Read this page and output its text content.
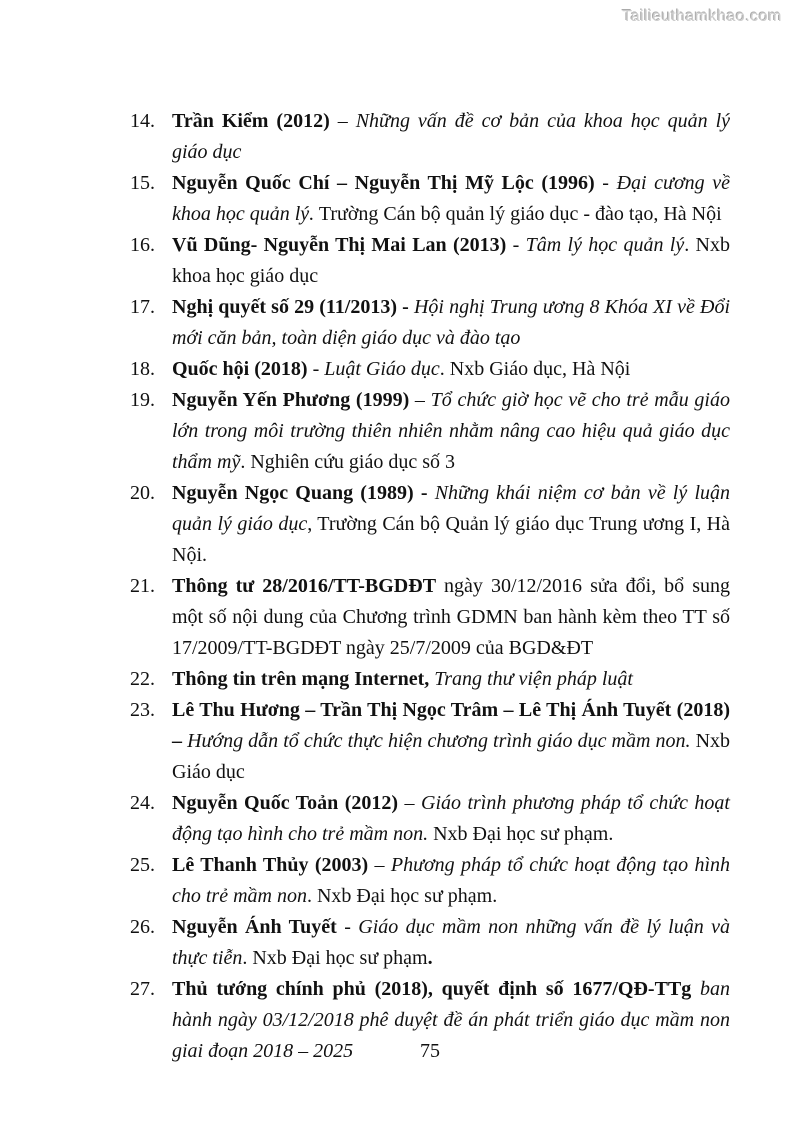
Tailieuthamkhao.com
14. Trần Kiểm (2012) – Những vấn đề cơ bản của khoa học quản lý giáo dục
15. Nguyễn Quốc Chí – Nguyễn Thị Mỹ Lộc (1996) - Đại cương về khoa học quản lý. Trường Cán bộ quản lý giáo dục - đào tạo, Hà Nội
16. Vũ Dũng- Nguyễn Thị Mai Lan (2013) - Tâm lý học quản lý. Nxb khoa học giáo dục
17. Nghị quyết số 29 (11/2013) - Hội nghị Trung ương 8 Khóa XI về Đổi mới căn bản, toàn diện giáo dục và đào tạo
18. Quốc hội (2018) - Luật Giáo dục. Nxb Giáo dục, Hà Nội
19. Nguyễn Yến Phương (1999) – Tổ chức giờ học vẽ cho trẻ mẫu giáo lớn trong môi trường thiên nhiên nhằm nâng cao hiệu quả giáo dục thẩm mỹ. Nghiên cứu giáo dục số 3
20. Nguyễn Ngọc Quang (1989) - Những khái niệm cơ bản về lý luận quản lý giáo dục, Trường Cán bộ Quản lý giáo dục Trung ương I, Hà Nội.
21. Thông tư 28/2016/TT-BGDĐT ngày 30/12/2016 sửa đổi, bổ sung một số nội dung của Chương trình GDMN ban hành kèm theo TT số 17/2009/TT-BGDĐT ngày 25/7/2009 của BGD&ĐT
22. Thông tin trên mạng Internet, Trang thư viện pháp luật
23. Lê Thu Hương – Trần Thị Ngọc Trâm – Lê Thị Ánh Tuyết (2018) – Hướng dẫn tổ chức thực hiện chương trình giáo dục mầm non. Nxb Giáo dục
24. Nguyễn Quốc Toản (2012) – Giáo trình phương pháp tổ chức hoạt động tạo hình cho trẻ mầm non. Nxb Đại học sư phạm.
25. Lê Thanh Thủy (2003) – Phương pháp tổ chức hoạt động tạo hình cho trẻ mầm non. Nxb Đại học sư phạm.
26. Nguyễn Ánh Tuyết - Giáo dục mầm non những vấn đề lý luận và thực tiễn. Nxb Đại học sư phạm.
27. Thủ tướng chính phủ (2018), quyết định số 1677/QĐ-TTg ban hành ngày 03/12/2018 phê duyệt đề án phát triển giáo dục mầm non giai đoạn 2018 – 2025	75
